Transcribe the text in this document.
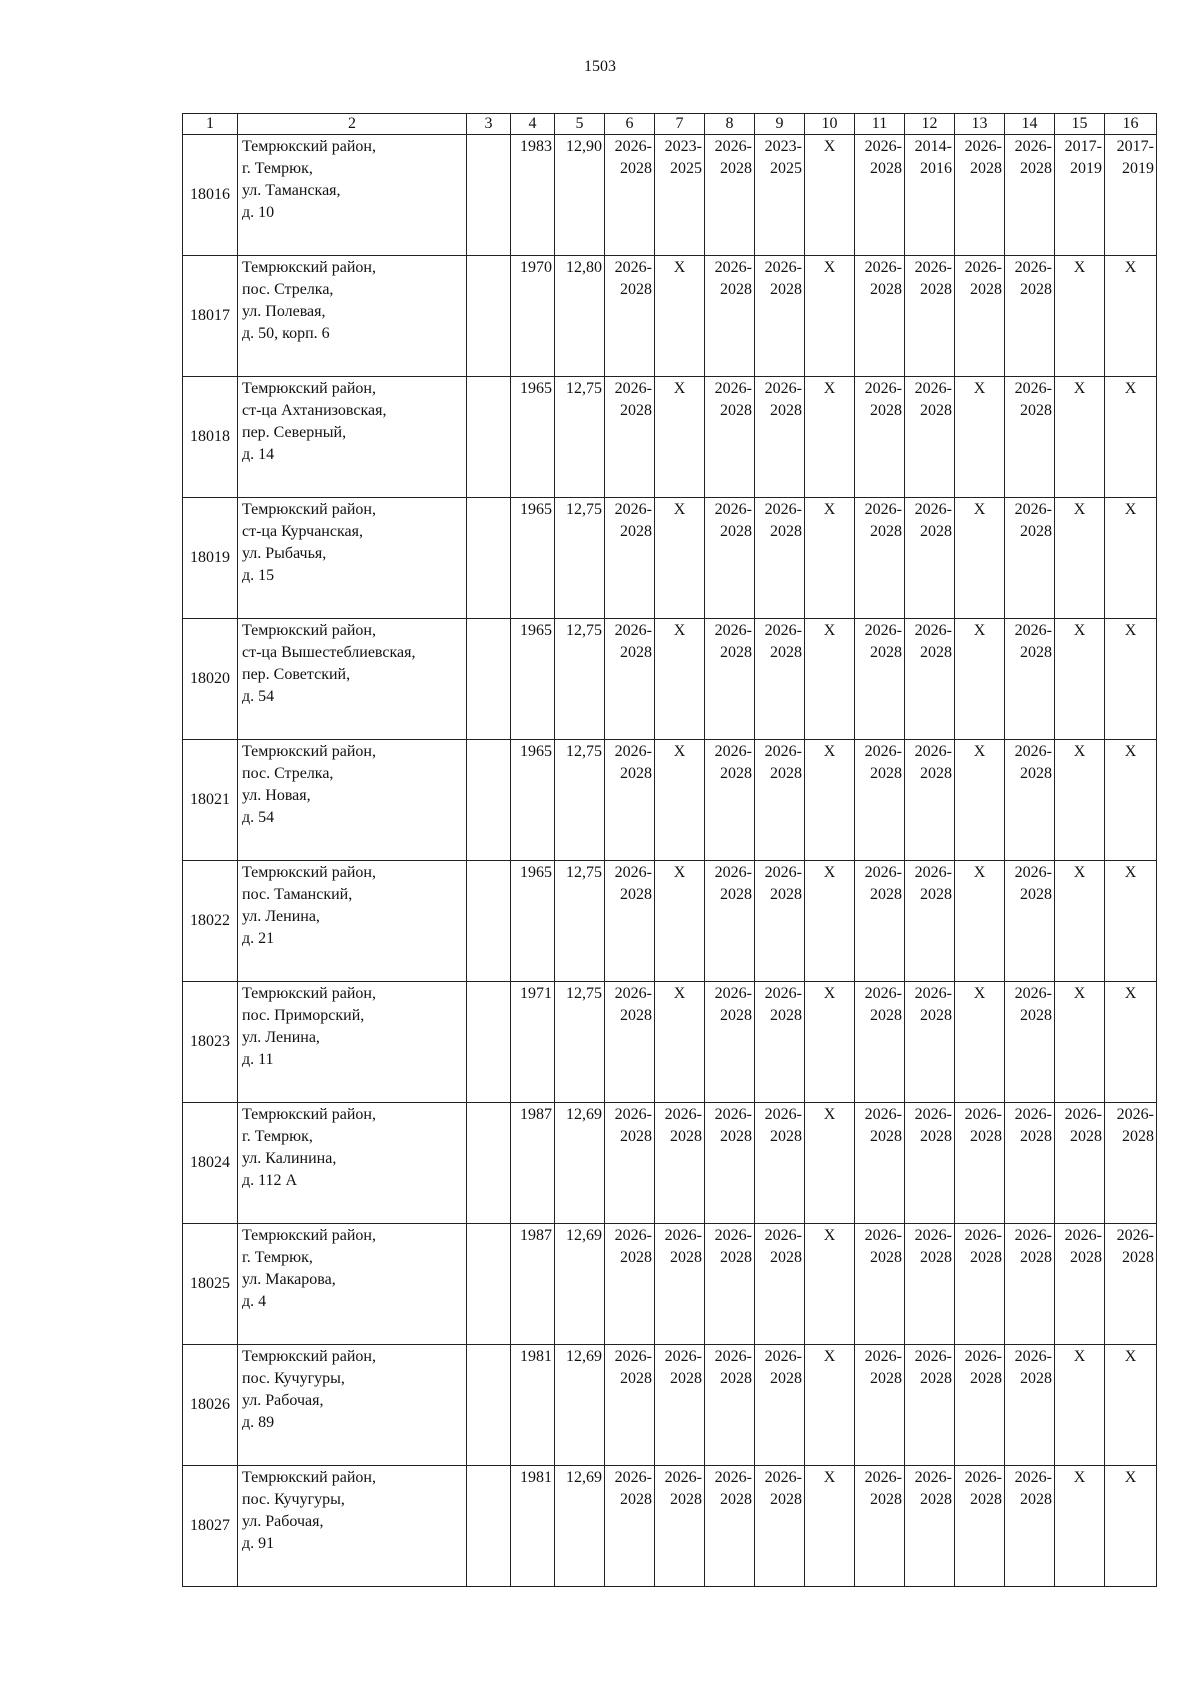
1503
1	2	3	4	5	6	7	8	9	10	11	12	13	14	15	16
18016	Темрюкский район,
г. Темрюк,
ул. Таманская,
д. 10		1983	12,90	2026-
2028	2023-
2025	2026-
2028	2023-
2025	X	2026-
2028	2014-
2016	2026-
2028	2026-
2028	2017-
2019	2017-
2019

18017	Темрюкский район,
пос. Стрелка,
ул. Полевая,
д. 50, корп. 6		1970	12,80	2026-
2028	X	2026-
2028	2026-
2028	X	2026-
2028	2026-
2028	2026-
2028	2026-
2028	X	X
18018	Темрюкский район,
ст-ца Ахтанизовская,
пер. Северный,
д. 14		1965	12,75	2026-
2028	X	2026-
2028	2026-
2028	X	2026-
2028	2026-
2028	X	2026-
2028	X	X
18019	Темрюкский район,
ст-ца Курчанская,
ул. Рыбачья,
д. 15		1965	12,75	2026-
2028	X	2026-
2028	2026-
2028	X	2026-
2028	2026-
2028	X	2026-
2028	X	X
18020	Темрюкский район,
ст-ца Вышестеблиевская,
пер. Советский,
д. 54		1965	12,75	2026-
2028	X	2026-
2028	2026-
2028	X	2026-
2028	2026-
2028	X	2026-
2028	X	X
18021	Темрюкский район,
пос. Стрелка,
ул. Новая,
д. 54		1965	12,75	2026-
2028	X	2026-
2028	2026-
2028	X	2026-
2028	2026-
2028	X	2026-
2028	X	X
18022	Темрюкский район,
пос. Таманский,
ул. Ленина,
д. 21		1965	12,75	2026-
2028	X	2026-
2028	2026-
2028	X	2026-
2028	2026-
2028	X	2026-
2028	X	X
18023	Темрюкский район,
пос. Приморский,
ул. Ленина,
д. 11		1971	12,75	2026-
2028	X	2026-
2028	2026-
2028	X	2026-
2028	2026-
2028	X	2026-
2028	X	X
18024	Темрюкский район,
г. Темрюк,
ул. Калинина,
д. 112 А		1987	12,69	2026-
2028	2026-
2028	2026-
2028	2026-
2028	X	2026-
2028	2026-
2028	2026-
2028	2026-
2028	2026-
2028	2026-
2028

18025	Темрюкский район,
г. Темрюк,
ул. Макарова,
д. 4		1987	12,69	2026-
2028	2026-
2028	2026-
2028	2026-
2028	X	2026-
2028	2026-
2028	2026-
2028	2026-
2028	2026-
2028	2026-
2028

18026	Темрюкский район,
пос. Кучугуры,
ул. Рабочая,
д. 89		1981	12,69	2026-
2028	2026-
2028	2026-
2028	2026-
2028	X	2026-
2028	2026-
2028	2026-
2028	2026-
2028	X	X
18027	Темрюкский район,
пос. Кучугуры,
ул. Рабочая,
д. 91		1981	12,69	2026-
2028	2026-
2028	2026-
2028	2026-
2028	X	2026-
2028	2026-
2028	2026-
2028	2026-
2028	X	X
